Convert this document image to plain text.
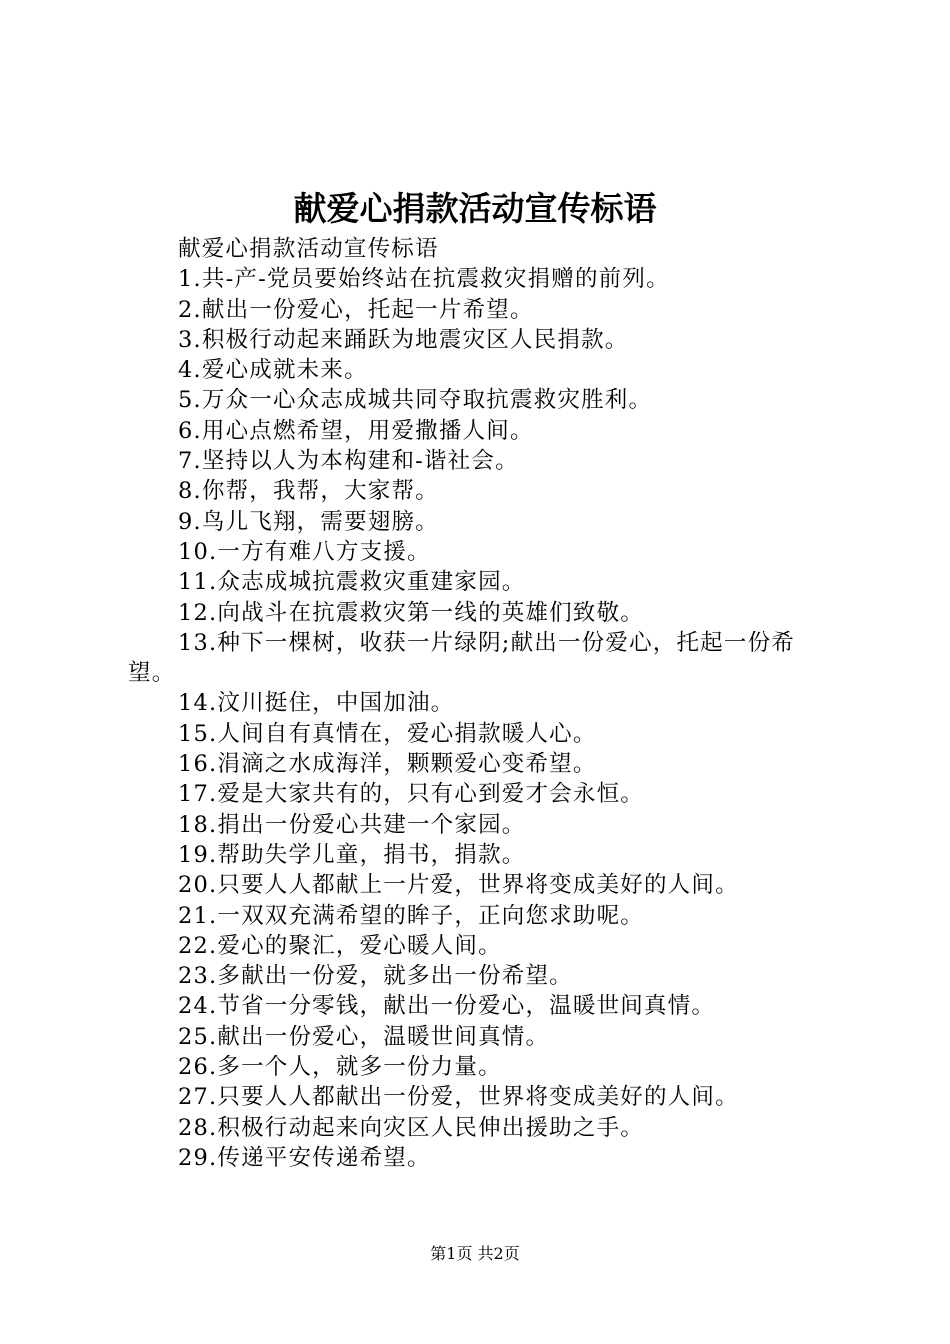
献爱心捐款活动宣传标语

献爱心捐款活动宣传标语

1.共-产-党员要始终站在抗震救灾捐赠的前列。

2.献出一份爱心，托起一片希望。

3.积极行动起来踊跃为地震灾区人民捐款。

4.爱心成就未来。

5.万众一心众志成城共同夺取抗震救灾胜利。

6.用心点燃希望，用爱撒播人间。

7.坚持以人为本构建和-谐社会。

8.你帮，我帮，大家帮。

9.鸟儿飞翔，需要翅膀。

10.一方有难八方支援。

11.众志成城抗震救灾重建家园。

12.向战斗在抗震救灾第一线的英雄们致敬。

13.种下一棵树，收获一片绿阴;献出一份爱心，托起一份希望。

14.汶川挺住，中国加油。

15.人间自有真情在，爱心捐款暖人心。

16.涓滴之水成海洋，颗颗爱心变希望。

17.爱是大家共有的，只有心到爱才会永恒。

18.捐出一份爱心共建一个家园。

19.帮助失学儿童，捐书，捐款。

20.只要人人都献上一片爱，世界将变成美好的人间。

21.一双双充满希望的眸子，正向您求助呢。

22.爱心的聚汇，爱心暖人间。

23.多献出一份爱，就多出一份希望。

24.节省一分零钱，献出一份爱心，温暖世间真情。

25.献出一份爱心，温暖世间真情。

26.多一个人，就多一份力量。

27.只要人人都献出一份爱，世界将变成美好的人间。

28.积极行动起来向灾区人民伸出援助之手。

29.传递平安传递希望。

第1页 共2页
